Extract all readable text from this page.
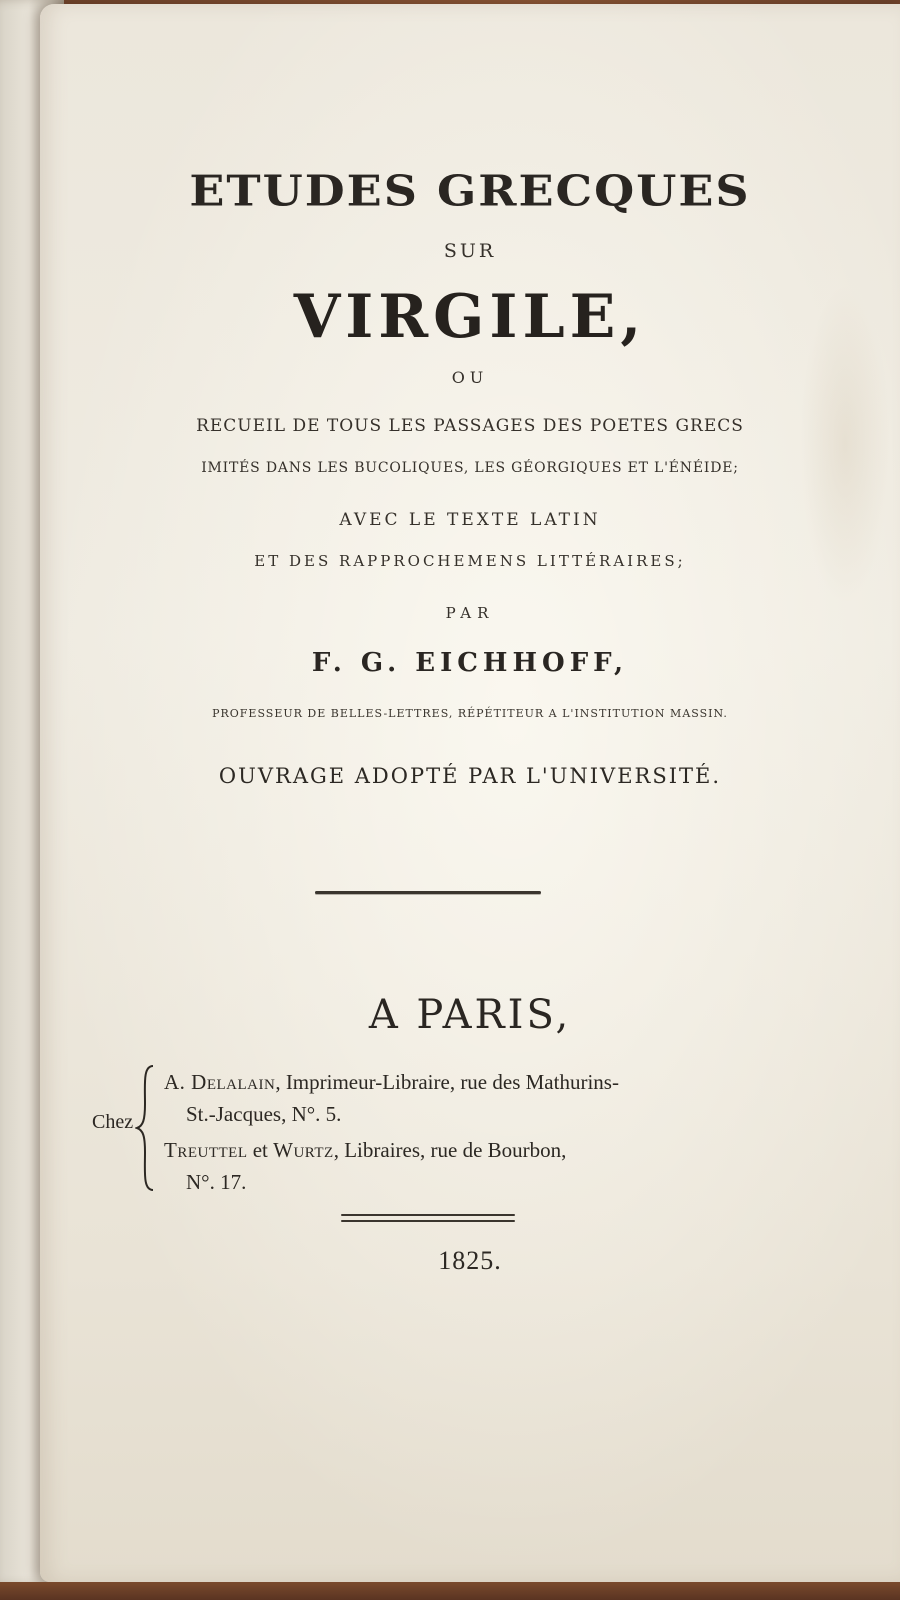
ETUDES GRECQUES
SUR
VIRGILE,
OU
RECUEIL DE TOUS LES PASSAGES DES POETES GRECS
IMITÉS DANS LES BUCOLIQUES, LES GÉORGIQUES ET L'ÉNÉIDE;
AVEC LE TEXTE LATIN
ET DES RAPPROCHEMENS LITTÉRAIRES;
PAR
F. G. EICHHOFF,
PROFESSEUR DE BELLES-LETTRES, RÉPÉTITEUR A L'INSTITUTION MASSIN.
OUVRAGE ADOPTÉ PAR L'UNIVERSITÉ.
A PARIS,
Chez
A. Delalain, Imprimeur-Libraire, rue des Mathurins-
St.-Jacques, N°. 5.
Treuttel et Wurtz, Libraires, rue de Bourbon,
N°. 17.
1825.
